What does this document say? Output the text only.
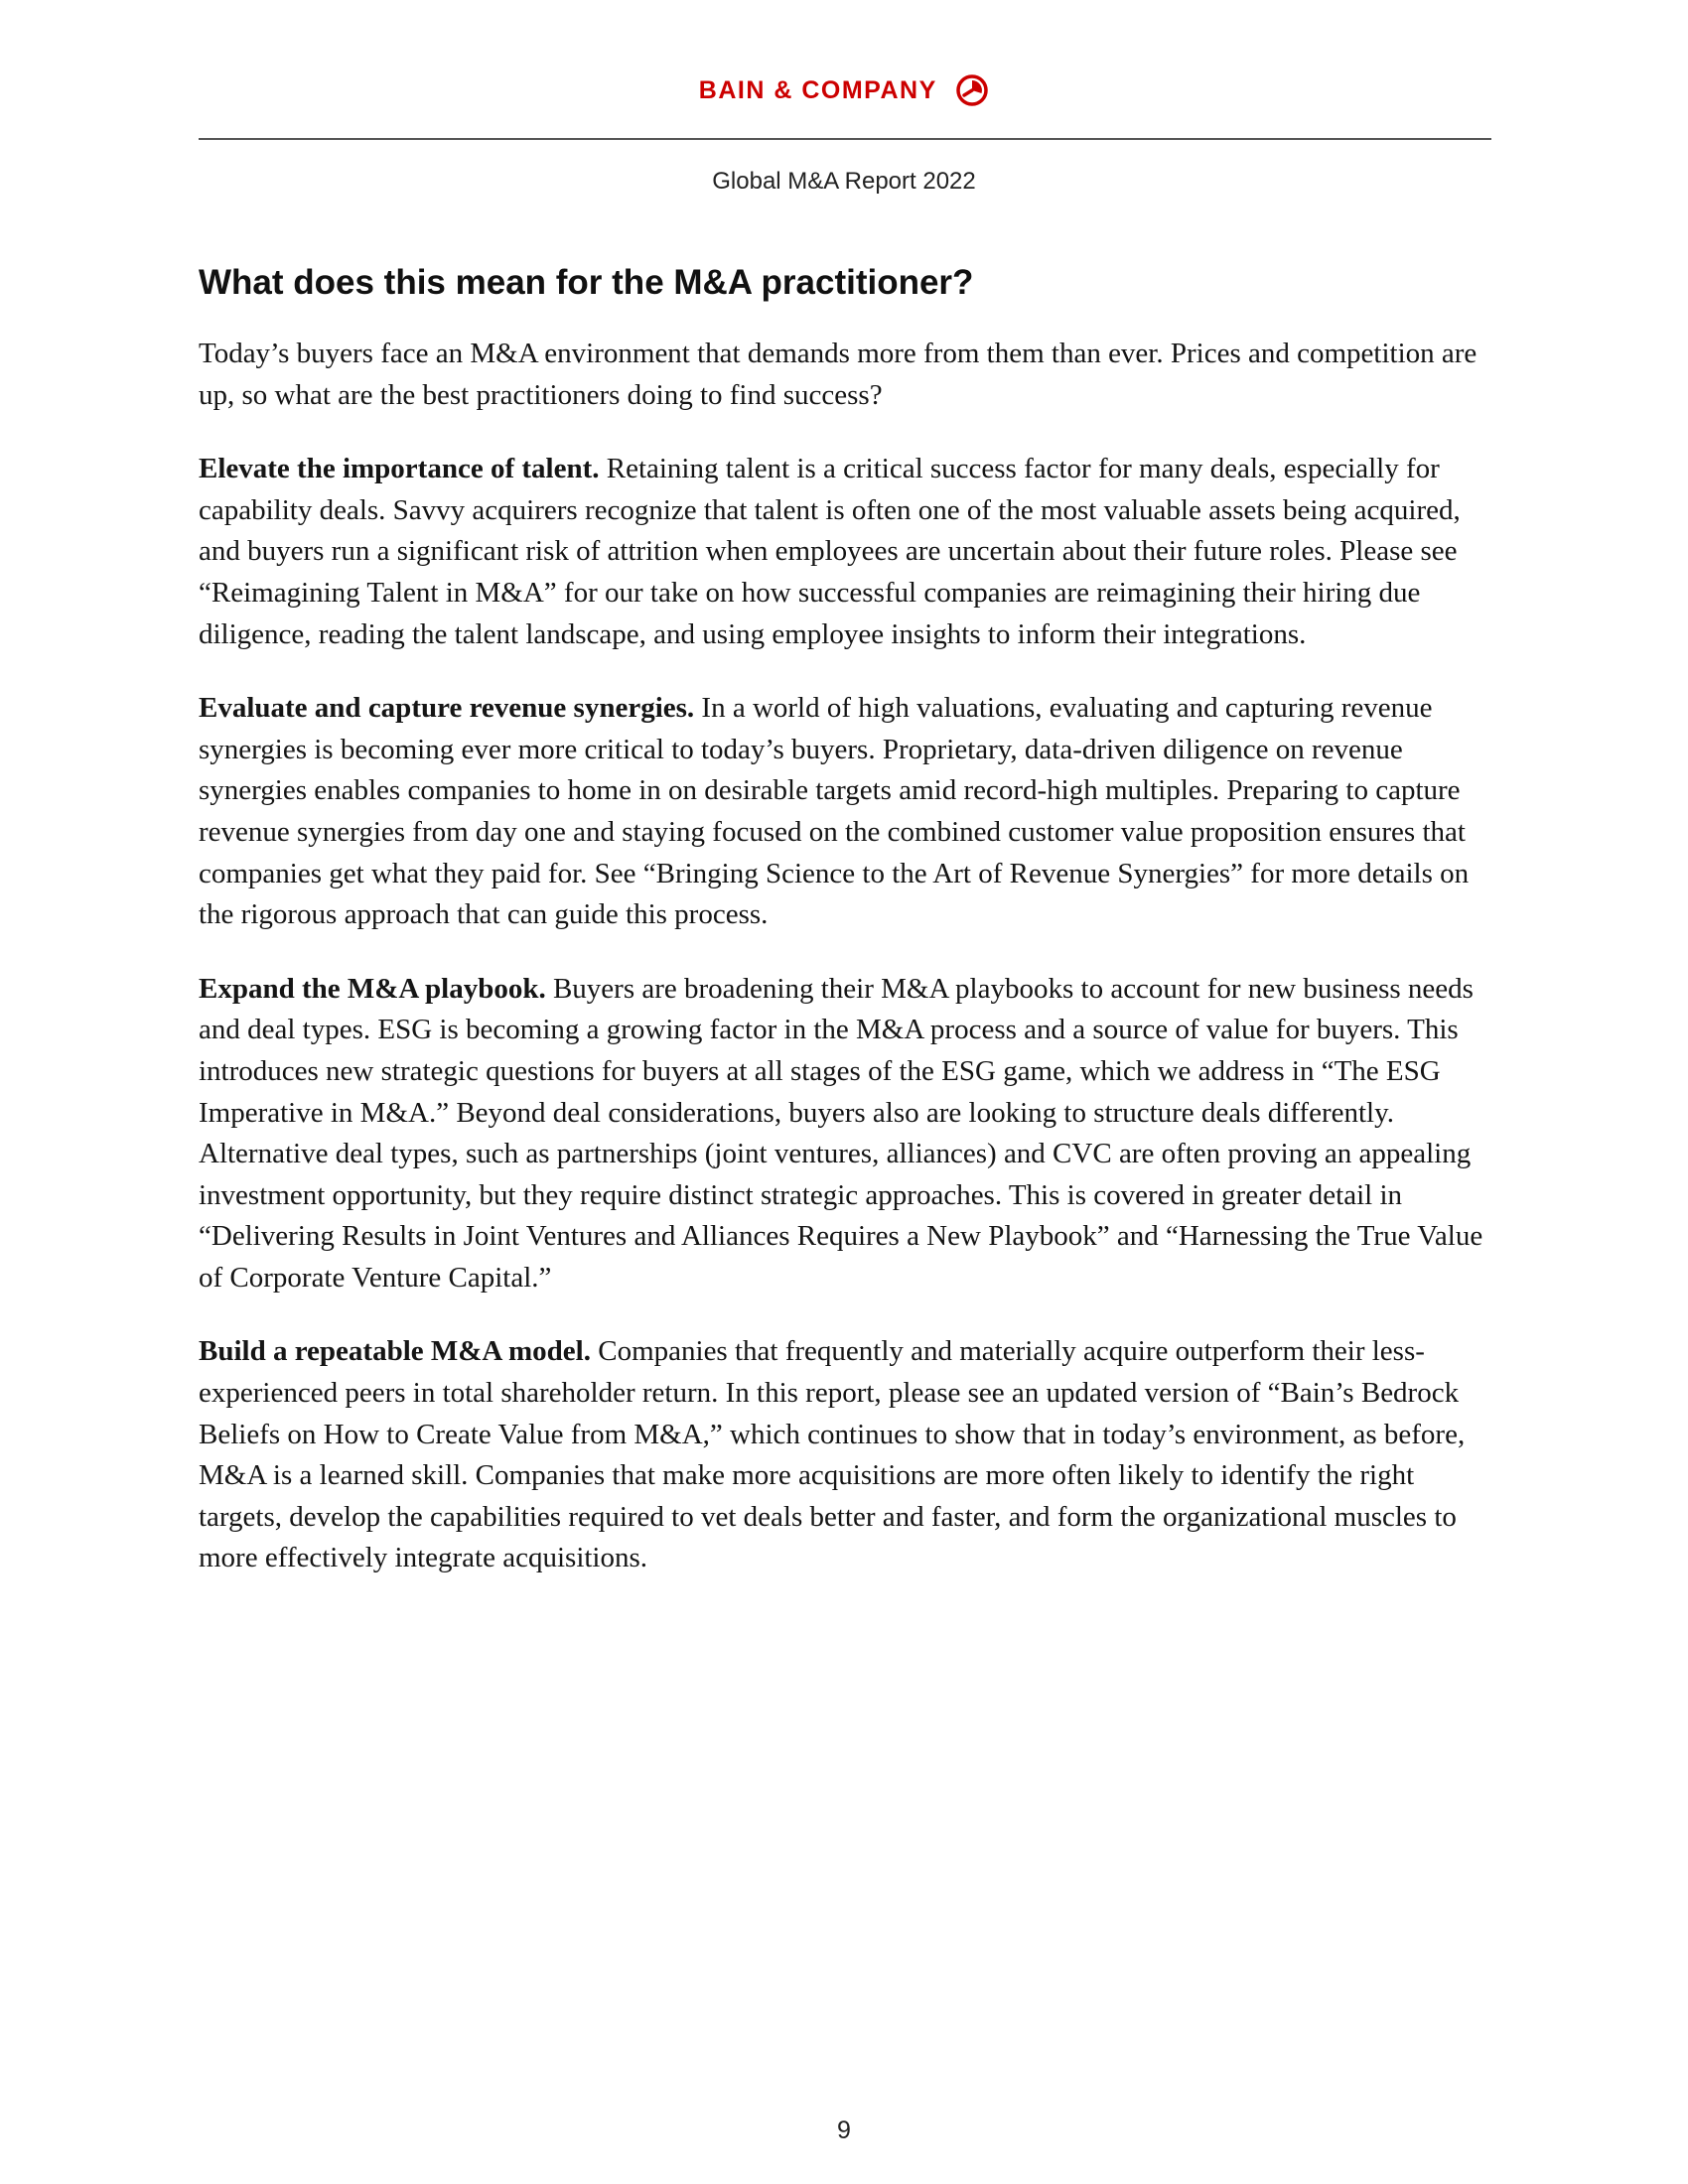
BAIN & COMPANY
Global M&A Report 2022
What does this mean for the M&A practitioner?

Today’s buyers face an M&A environment that demands more from them than ever. Prices and competition are up, so what are the best practitioners doing to find success?

Elevate the importance of talent. Retaining talent is a critical success factor for many deals, especially for capability deals. Savvy acquirers recognize that talent is often one of the most valuable assets being acquired, and buyers run a significant risk of attrition when employees are uncertain about their future roles. Please see “Reimagining Talent in M&A” for our take on how successful companies are reimagining their hiring due diligence, reading the talent landscape, and using employee insights to inform their integrations.

Evaluate and capture revenue synergies. In a world of high valuations, evaluating and capturing revenue synergies is becoming ever more critical to today’s buyers. Proprietary, data-driven diligence on revenue synergies enables companies to home in on desirable targets amid record-high multiples. Preparing to capture revenue synergies from day one and staying focused on the combined customer value proposition ensures that companies get what they paid for. See “Bringing Science to the Art of Revenue Synergies” for more details on the rigorous approach that can guide this process.

Expand the M&A playbook. Buyers are broadening their M&A playbooks to account for new business needs and deal types. ESG is becoming a growing factor in the M&A process and a source of value for buyers. This introduces new strategic questions for buyers at all stages of the ESG game, which we address in “The ESG Imperative in M&A.” Beyond deal considerations, buyers also are looking to structure deals differently. Alternative deal types, such as partnerships (joint ventures, alliances) and CVC are often proving an appealing investment opportunity, but they require distinct strategic approaches. This is covered in greater detail in “Delivering Results in Joint Ventures and Alliances Requires a New Playbook” and “Harnessing the True Value of Corporate Venture Capital.”

Build a repeatable M&A model. Companies that frequently and materially acquire outperform their less-experienced peers in total shareholder return. In this report, please see an updated version of “Bain’s Bedrock Beliefs on How to Create Value from M&A,” which continues to show that in today’s environment, as before, M&A is a learned skill. Companies that make more acquisitions are more often likely to identify the right targets, develop the capabilities required to vet deals better and faster, and form the organizational muscles to more effectively integrate acquisitions.

9
